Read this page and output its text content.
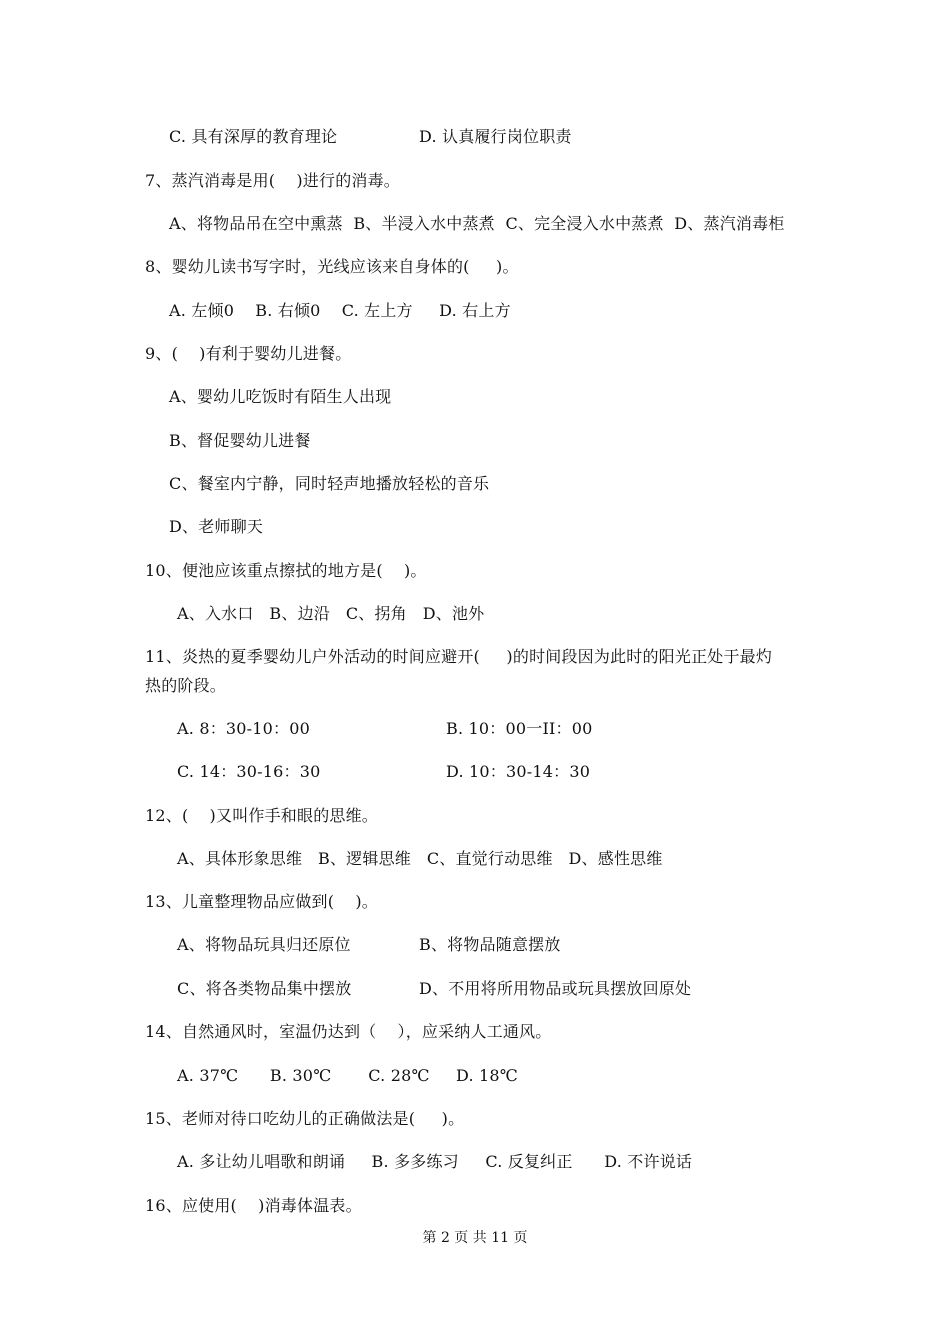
C. 具有深厚的教育理论	D. 认真履行岗位职责
7、蒸汽消毒是用(    )进行的消毒。
A、将物品吊在空中熏蒸  B、半浸入水中蒸煮  C、完全浸入水中蒸煮  D、蒸汽消毒柜
8、婴幼儿读书写字时，光线应该来自身体的(     )。
A. 左倾0    B. 右倾0    C. 左上方     D. 右上方
9、(    )有利于婴幼儿进餐。
A、婴幼儿吃饭时有陌生人出现
B、督促婴幼儿进餐
C、餐室内宁静，同时轻声地播放轻松的音乐
D、老师聊天
10、便池应该重点擦拭的地方是(    )。
A、入水口   B、边沿   C、拐角   D、池外
11、炎热的夏季婴幼儿户外活动的时间应避开(     )的时间段因为此时的阳光正处于最灼
热的阶段。
A. 8：30-10：00	B. 10：00一II：00
C. 14：30-16：30	D. 10：30-14：30
12、(    )又叫作手和眼的思维。
A、具体形象思维   B、逻辑思维   C、直觉行动思维   D、感性思维
13、儿童整理物品应做到(    )。
A、将物品玩具归还原位	B、将物品随意摆放
C、将各类物品集中摆放	D、不用将所用物品或玩具摆放回原处
14、自然通风时，室温仍达到（    ），应采纳人工通风。
A. 37℃      B. 30℃       C. 28℃     D. 18℃
15、老师对待口吃幼儿的正确做法是(     )。
A. 多让幼儿唱歌和朗诵     B. 多多练习     C. 反复纠正      D. 不许说话
16、应使用(    )消毒体温表。
第 2 页 共 11 页
